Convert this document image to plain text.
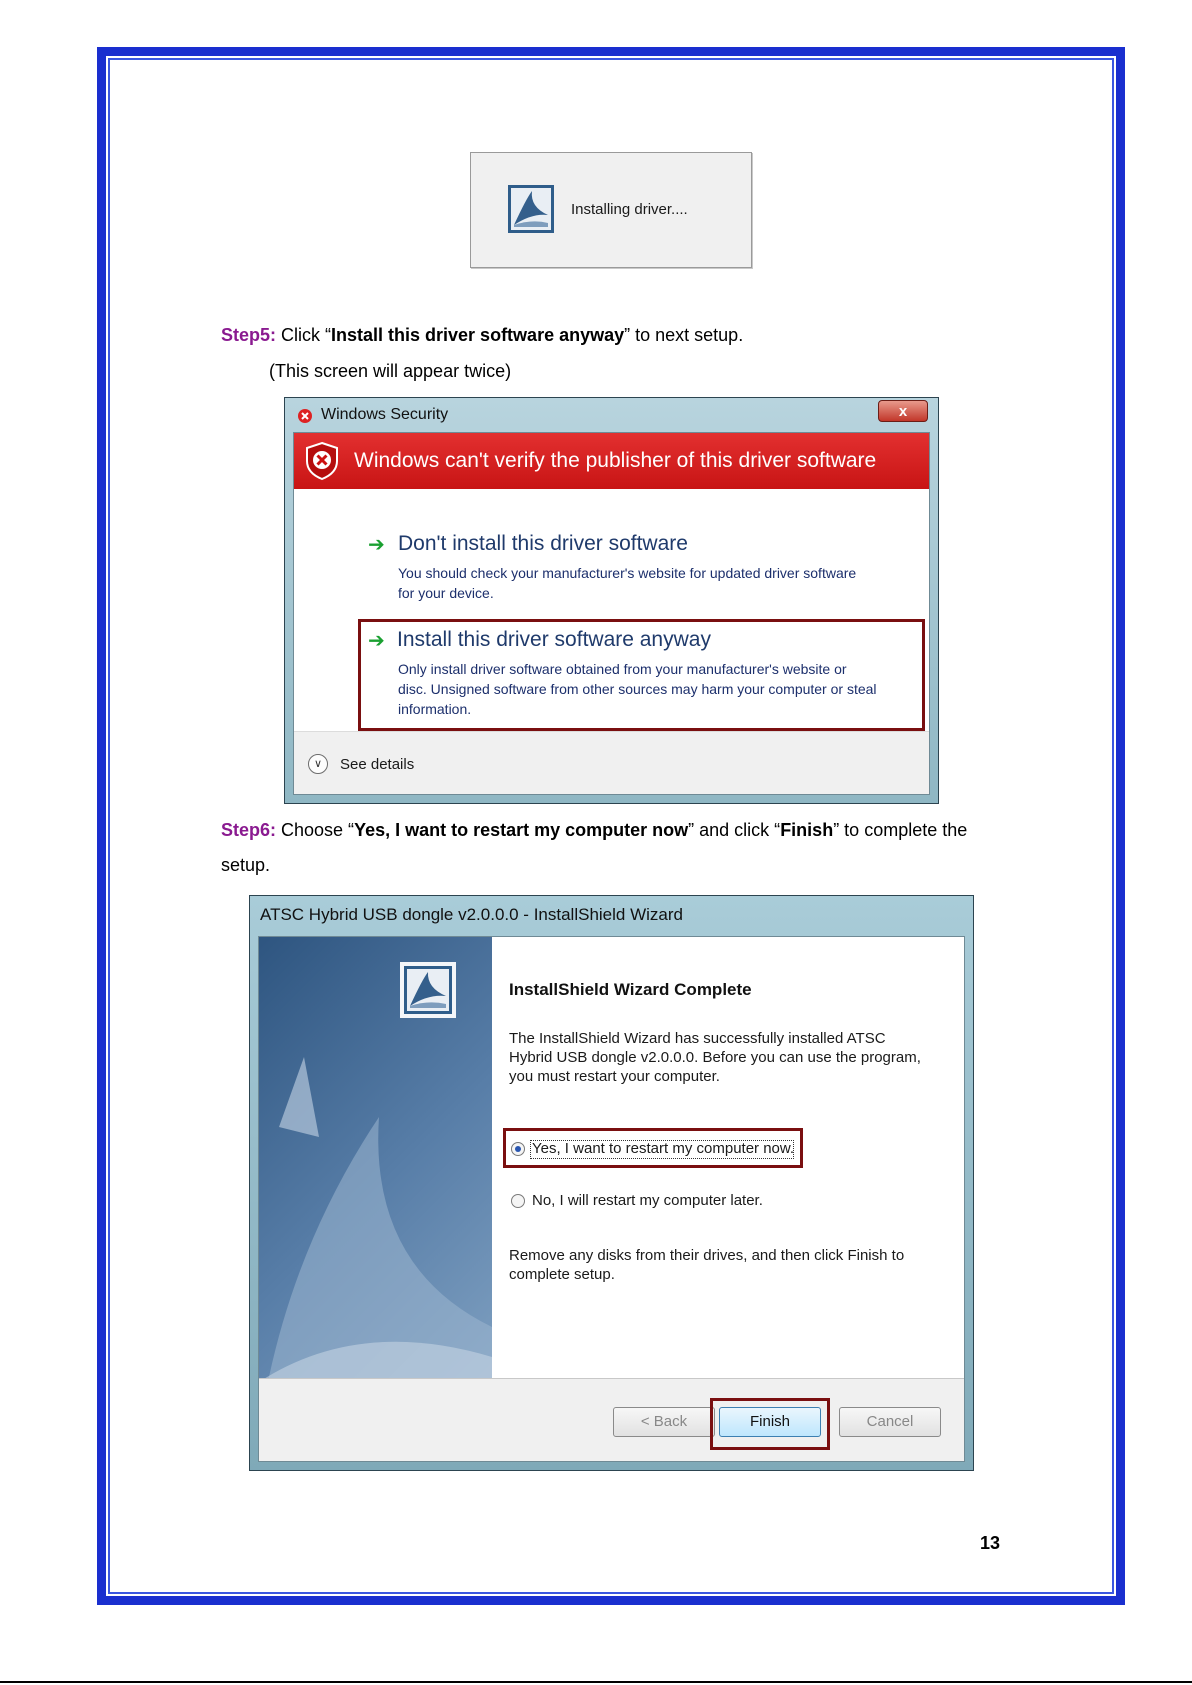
Installing driver....
Step5: Click “Install this driver software anyway” to next setup.
(This screen will appear twice)
Windows Security	x
Windows can't verify the publisher of this driver software
➔ Don't install this driver software
You should check your manufacturer's website for updated driver software
for your device.
➔ Install this driver software anyway
Only install driver software obtained from your manufacturer's website or
disc. Unsigned software from other sources may harm your computer or steal
information.
∨	See details
Step6: Choose “Yes, I want to restart my computer now” and click “Finish” to complete the
setup.
ATSC Hybrid USB dongle v2.0.0.0 - InstallShield Wizard
InstallShield Wizard Complete
The InstallShield Wizard has successfully installed ATSC
Hybrid USB dongle v2.0.0.0. Before you can use the program,
you must restart your computer.
Yes, I want to restart my computer now.
No, I will restart my computer later.
Remove any disks from their drives, and then click Finish to
complete setup.
< Back	Finish	Cancel
13
